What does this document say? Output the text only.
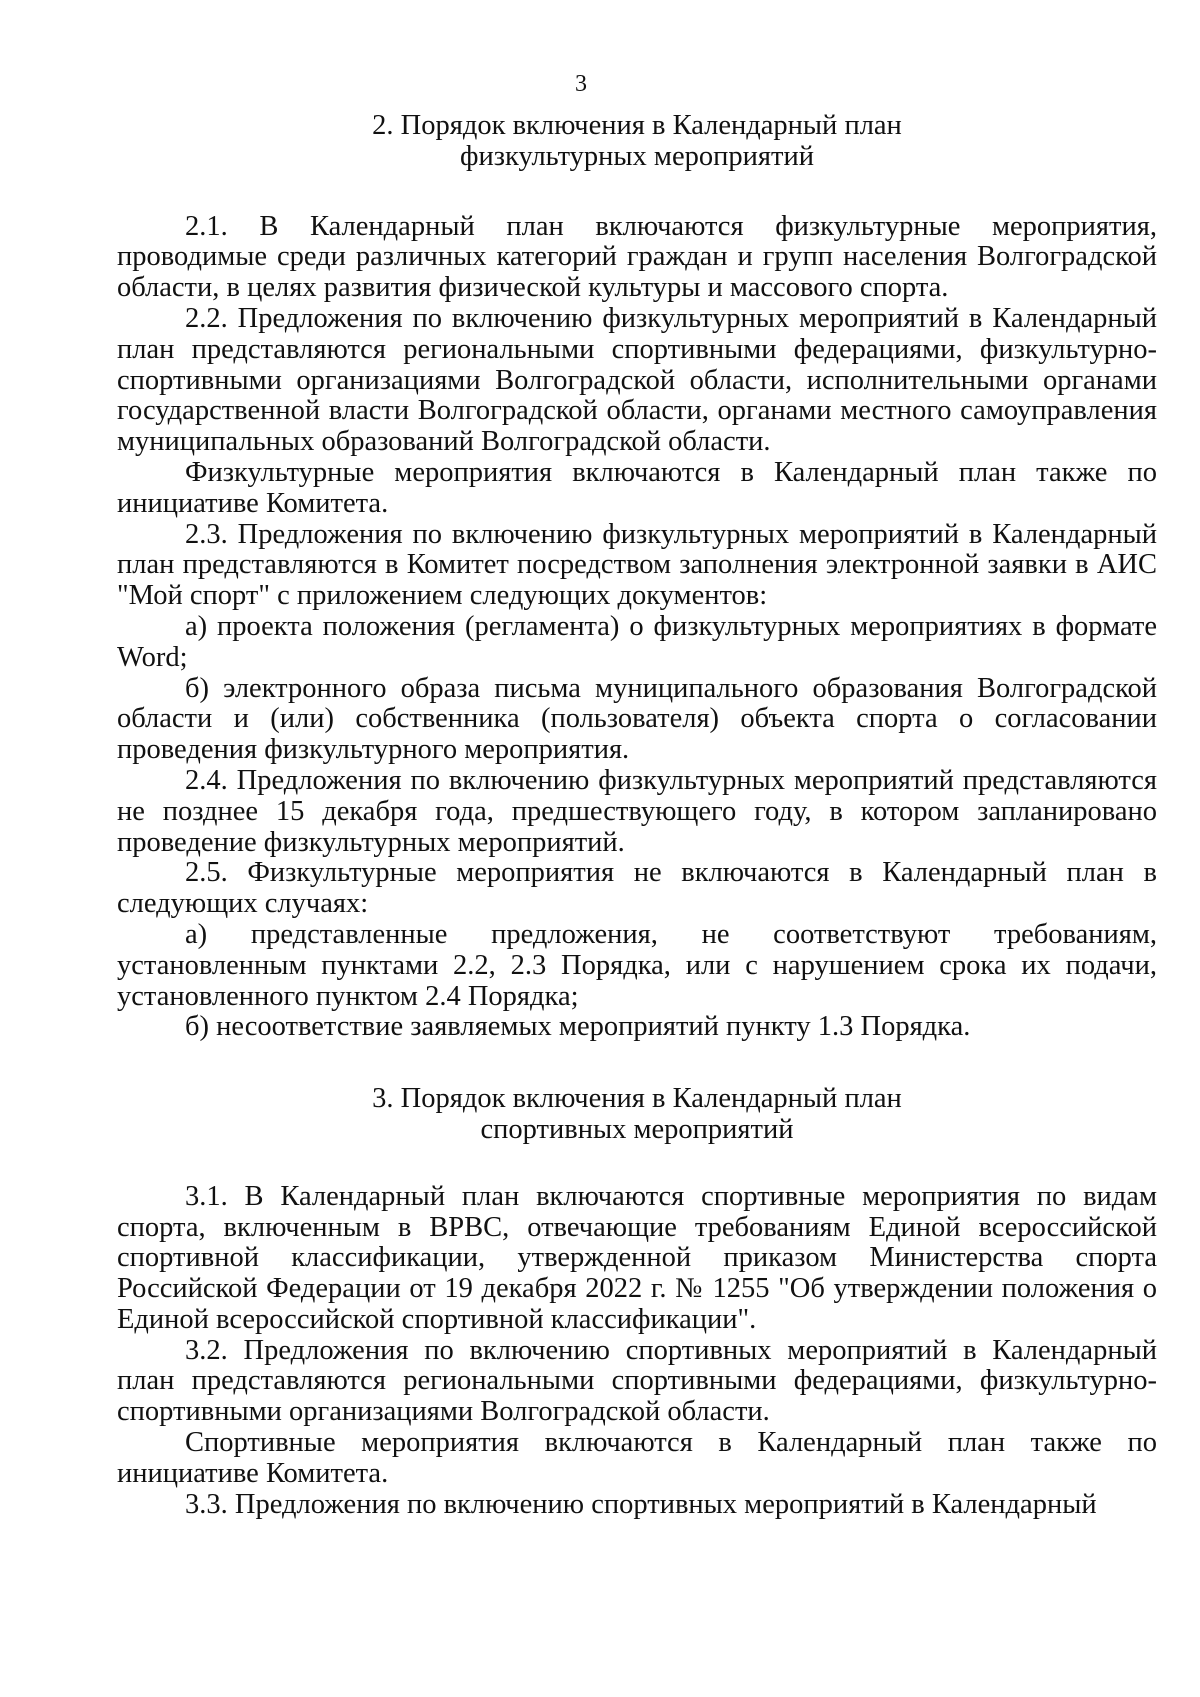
3
2. Порядок включения в Календарный план
физкультурных мероприятий

2.1. В Календарный план включаются физкультурные мероприятия, проводимые среди различных категорий граждан и групп населения Волгоградской области, в целях развития физической культуры и массового спорта.

2.2. Предложения по включению физкультурных мероприятий в Календарный план представляются региональными спортивными федерациями, физкультурно-спортивными организациями Волгоградской области, исполнительными органами государственной власти Волгоградской области, органами местного самоуправления муниципальных образований Волгоградской области.

Физкультурные мероприятия включаются в Календарный план также по инициативе Комитета.

2.3. Предложения по включению физкультурных мероприятий в Календарный план представляются в Комитет посредством заполнения электронной заявки в АИС "Мой спорт" с приложением следующих документов:

а) проекта положения (регламента) о физкультурных мероприятиях в формате Word;

б) электронного образа письма муниципального образования Волгоградской области и (или) собственника (пользователя) объекта спорта о согласовании проведения физкультурного мероприятия.

2.4. Предложения по включению физкультурных мероприятий представляются не позднее 15 декабря года, предшествующего году, в котором запланировано проведение физкультурных мероприятий.

2.5. Физкультурные мероприятия не включаются в Календарный план в следующих случаях:

а) представленные предложения, не соответствуют требованиям, установленным пунктами 2.2, 2.3 Порядка, или с нарушением срока их подачи, установленного пунктом 2.4 Порядка;

б) несоответствие заявляемых мероприятий пункту 1.3 Порядка.

3. Порядок включения в Календарный план
спортивных мероприятий

3.1. В Календарный план включаются спортивные мероприятия по видам спорта, включенным в ВРВС, отвечающие требованиям Единой всероссийской спортивной классификации, утвержденной приказом Министерства спорта Российской Федерации от 19 декабря 2022 г. № 1255 "Об утверждении положения о Единой всероссийской спортивной классификации".

3.2. Предложения по включению спортивных мероприятий в Календарный план представляются региональными спортивными федерациями, физкультурно-спортивными организациями Волгоградской области.

Спортивные мероприятия включаются в Календарный план также по инициативе Комитета.

3.3. Предложения по включению спортивных мероприятий в Календарный
